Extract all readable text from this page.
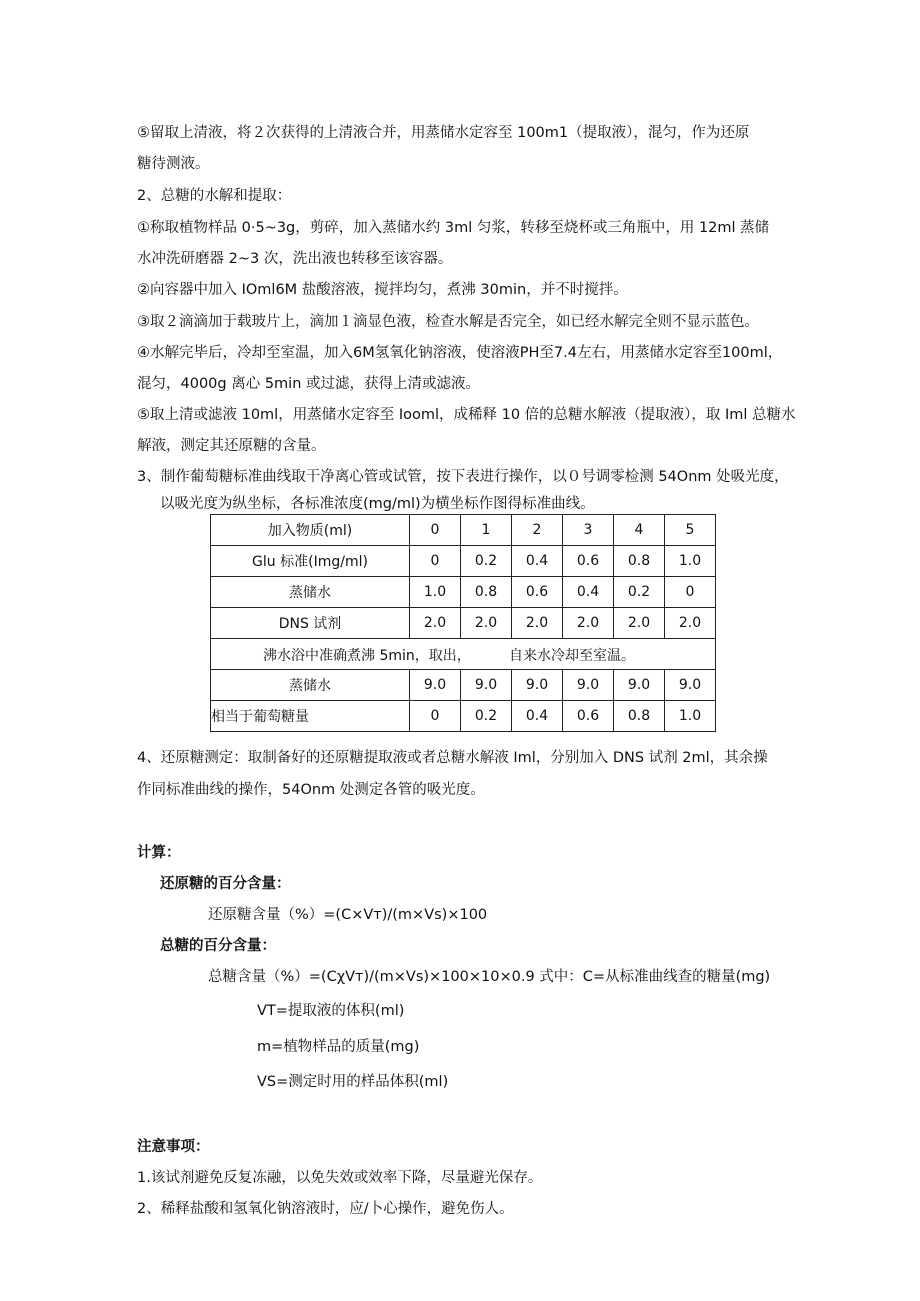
⑤留取上清液，将２次获得的上清液合并，用蒸储水定容至 100m1（提取液），混匀，作为还原
糖待测液。
2、总糖的水解和提取：
①称取植物样品 0·5~3g，剪碎，加入蒸储水约 3ml 匀浆，转移至烧杯或三角瓶中，用 12ml 蒸储
水冲洗研磨器 2~3 次，洗出液也转移至该容器。
②向容器中加入 IOml6M 盐酸溶液，搅拌均匀，煮沸 30min，并不时搅拌。
③取２滴滴加于载玻片上，滴加１滴显色液，检查水解是否完全，如已经水解完全则不显示蓝色。
④水解完毕后，冷却至室温，加入6M氢氧化钠溶液，使溶液PH至7.4左右，用蒸储水定容至100ml，
混匀，4000g 离心 5min 或过滤，获得上清或滤液。
⑤取上清或滤液 10ml，用蒸储水定容至 Iooml，成稀释 10 倍的总糖水解液（提取液），取 Iml 总糖水
解液，测定其还原糖的含量。
3、制作葡萄糖标准曲线取干净离心管或试管，按下表进行操作，以０号调零检测 54Onm 处吸光度，
以吸光度为纵坐标，各标准浓度(mg∕ml)为横坐标作图得标准曲线。
加入物质(ml)	0	1	2	3	4	5
Glu 标准(Img/ml)	0	0.2	0.4	0.6	0.8	1.0
蒸储水	1.0	0.8	0.6	0.4	0.2	0
DNS 试剂	2.0	2.0	2.0	2.0	2.0	2.0

沸水浴中准确煮沸 5min，取出， 自来水冷却至室温。						

蒸储水	9.0	9.0	9.0	9.0	9.0	9.0
相当于葡萄糖量	0	0.2	0.4	0.6	0.8	1.0
4、还原糖测定：取制备好的还原糖提取液或者总糖水解液 Iml，分别加入 DNS 试剂 2ml，其余操
作同标准曲线的操作，54Onm 处测定各管的吸光度。
计算：
还原糖的百分含量：
还原糖含量（%）=(C×Vт)∕(m×Vs)×100
总糖的百分含量：
总糖含量（%）=(CχVт)∕(m×Vs)×100×10×0.9 式中：C=从标准曲线查的糖量(mg)
VT=提取液的体积(ml)
m=植物样品的质量(mg)
VS=测定时用的样品体积(ml)
注意事项：
1.该试剂避免反复冻融，以免失效或效率下降，尽量避光保存。
2、稀释盐酸和氢氧化钠溶液时，应∕卜心操作，避免伤人。
